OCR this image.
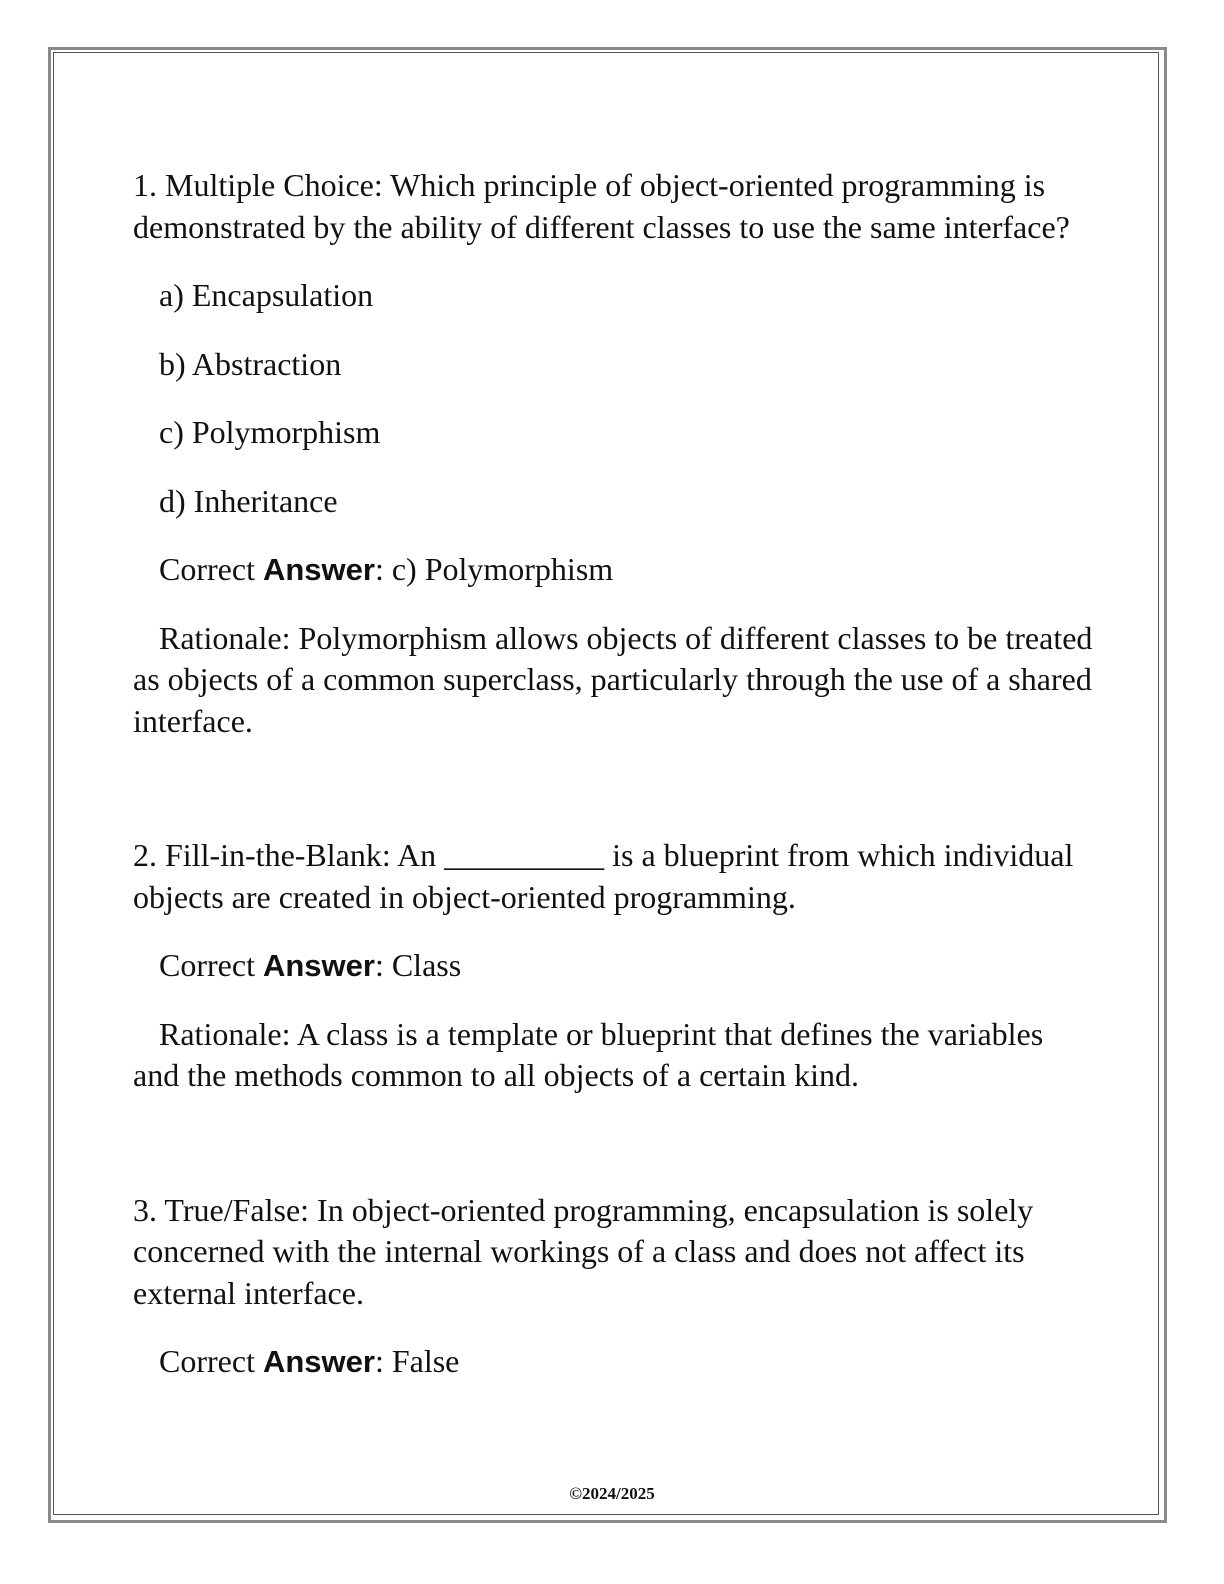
1. Multiple Choice: Which principle of object-oriented programming is demonstrated by the ability of different classes to use the same interface?

a) Encapsulation

b) Abstraction

c) Polymorphism

d) Inheritance

Correct Answer: c) Polymorphism

Rationale: Polymorphism allows objects of different classes to be treated as objects of a common superclass, particularly through the use of a shared interface.

2. Fill-in-the-Blank: An __________ is a blueprint from which individual objects are created in object-oriented programming.

Correct Answer: Class

Rationale: A class is a template or blueprint that defines the variables and the methods common to all objects of a certain kind.

3. True/False: In object-oriented programming, encapsulation is solely concerned with the internal workings of a class and does not affect its external interface.

Correct Answer: False

©2024/2025
